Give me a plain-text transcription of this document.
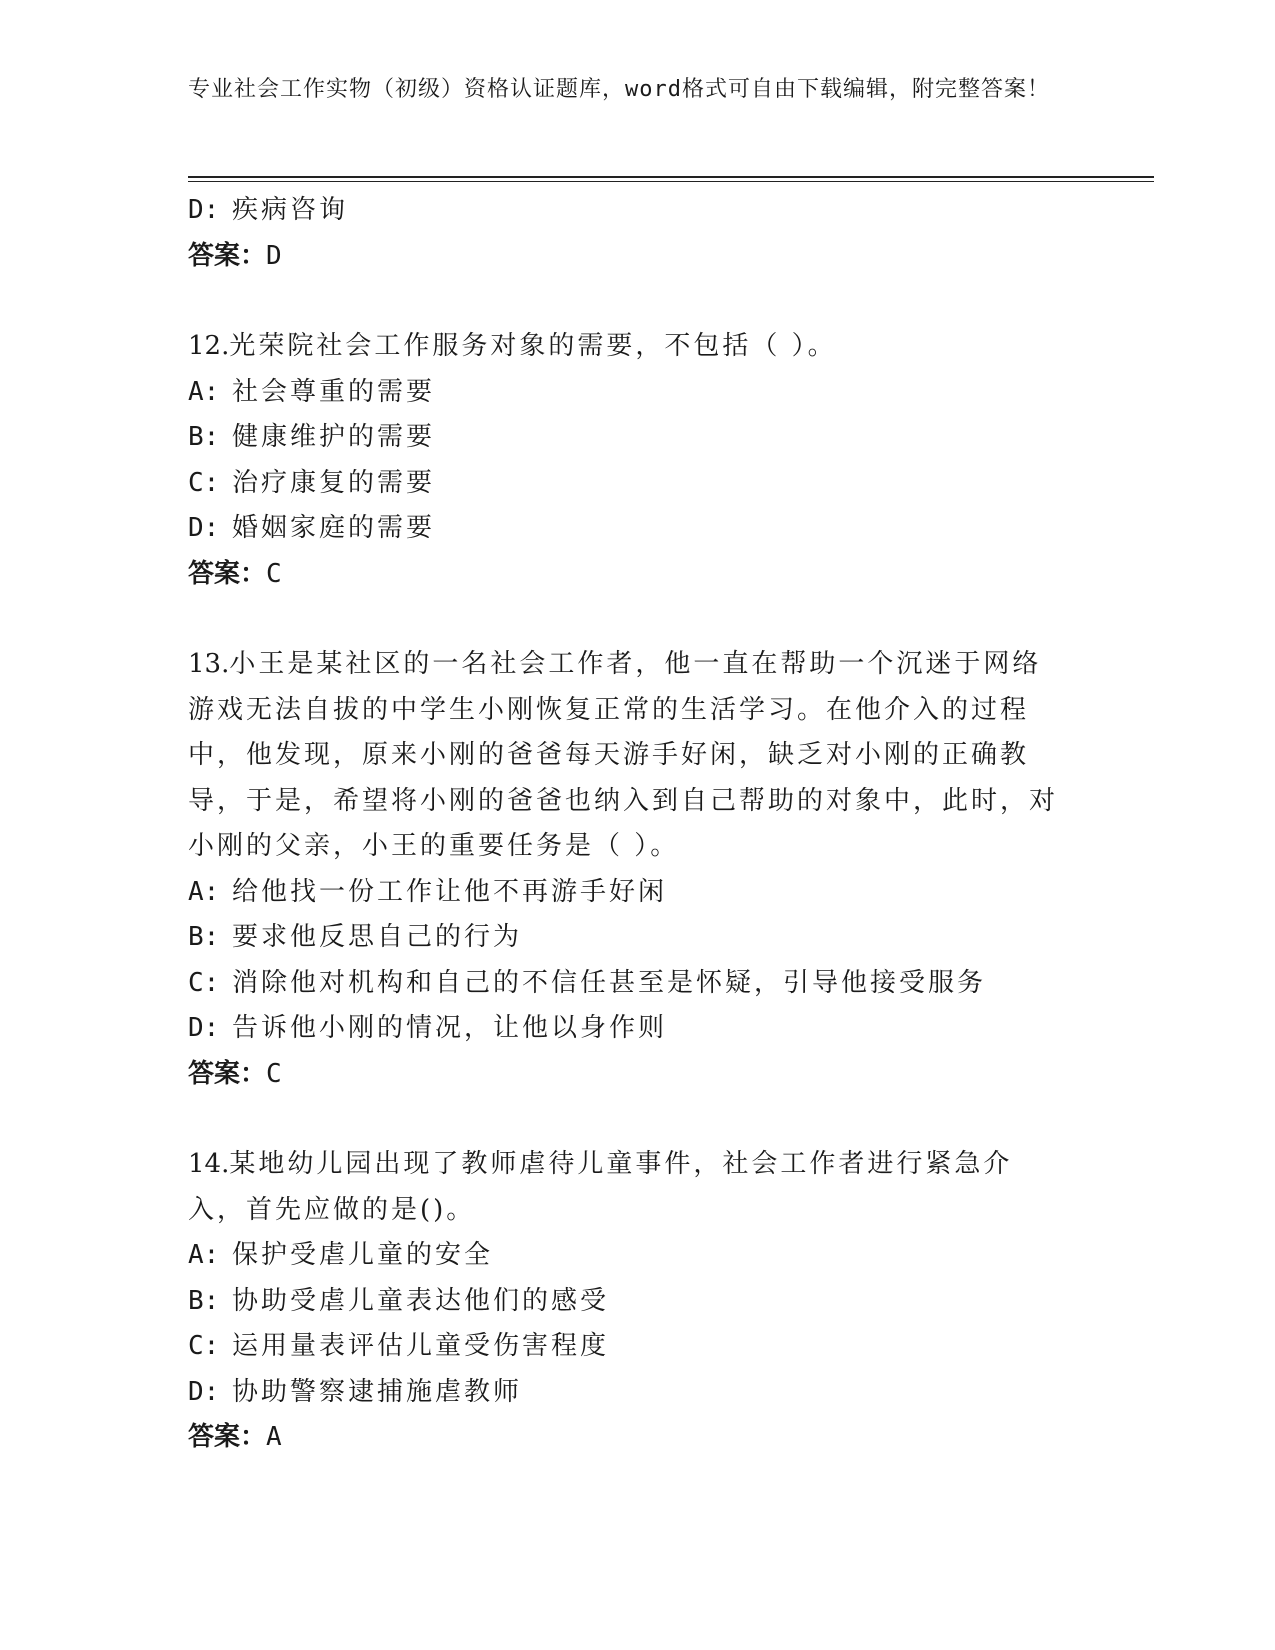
专业社会工作实物（初级）资格认证题库，word格式可自由下载编辑，附完整答案！
D: 疾病咨询
答案：D
12.光荣院社会工作服务对象的需要，不包括（ ）。
A: 社会尊重的需要
B: 健康维护的需要
C: 治疗康复的需要
D: 婚姻家庭的需要
答案：C
13.小王是某社区的一名社会工作者，他一直在帮助一个沉迷于网络游戏无法自拔的中学生小刚恢复正常的生活学习。在他介入的过程中，他发现，原来小刚的爸爸每天游手好闲，缺乏对小刚的正确教导，于是，希望将小刚的爸爸也纳入到自己帮助的对象中，此时，对小刚的父亲，小王的重要任务是（ ）。
A: 给他找一份工作让他不再游手好闲
B: 要求他反思自己的行为
C: 消除他对机构和自己的不信任甚至是怀疑，引导他接受服务
D: 告诉他小刚的情况，让他以身作则
答案：C
14.某地幼儿园出现了教师虐待儿童事件，社会工作者进行紧急介入，首先应做的是()。
A: 保护受虐儿童的安全
B: 协助受虐儿童表达他们的感受
C: 运用量表评估儿童受伤害程度
D: 协助警察逮捕施虐教师
答案：A
